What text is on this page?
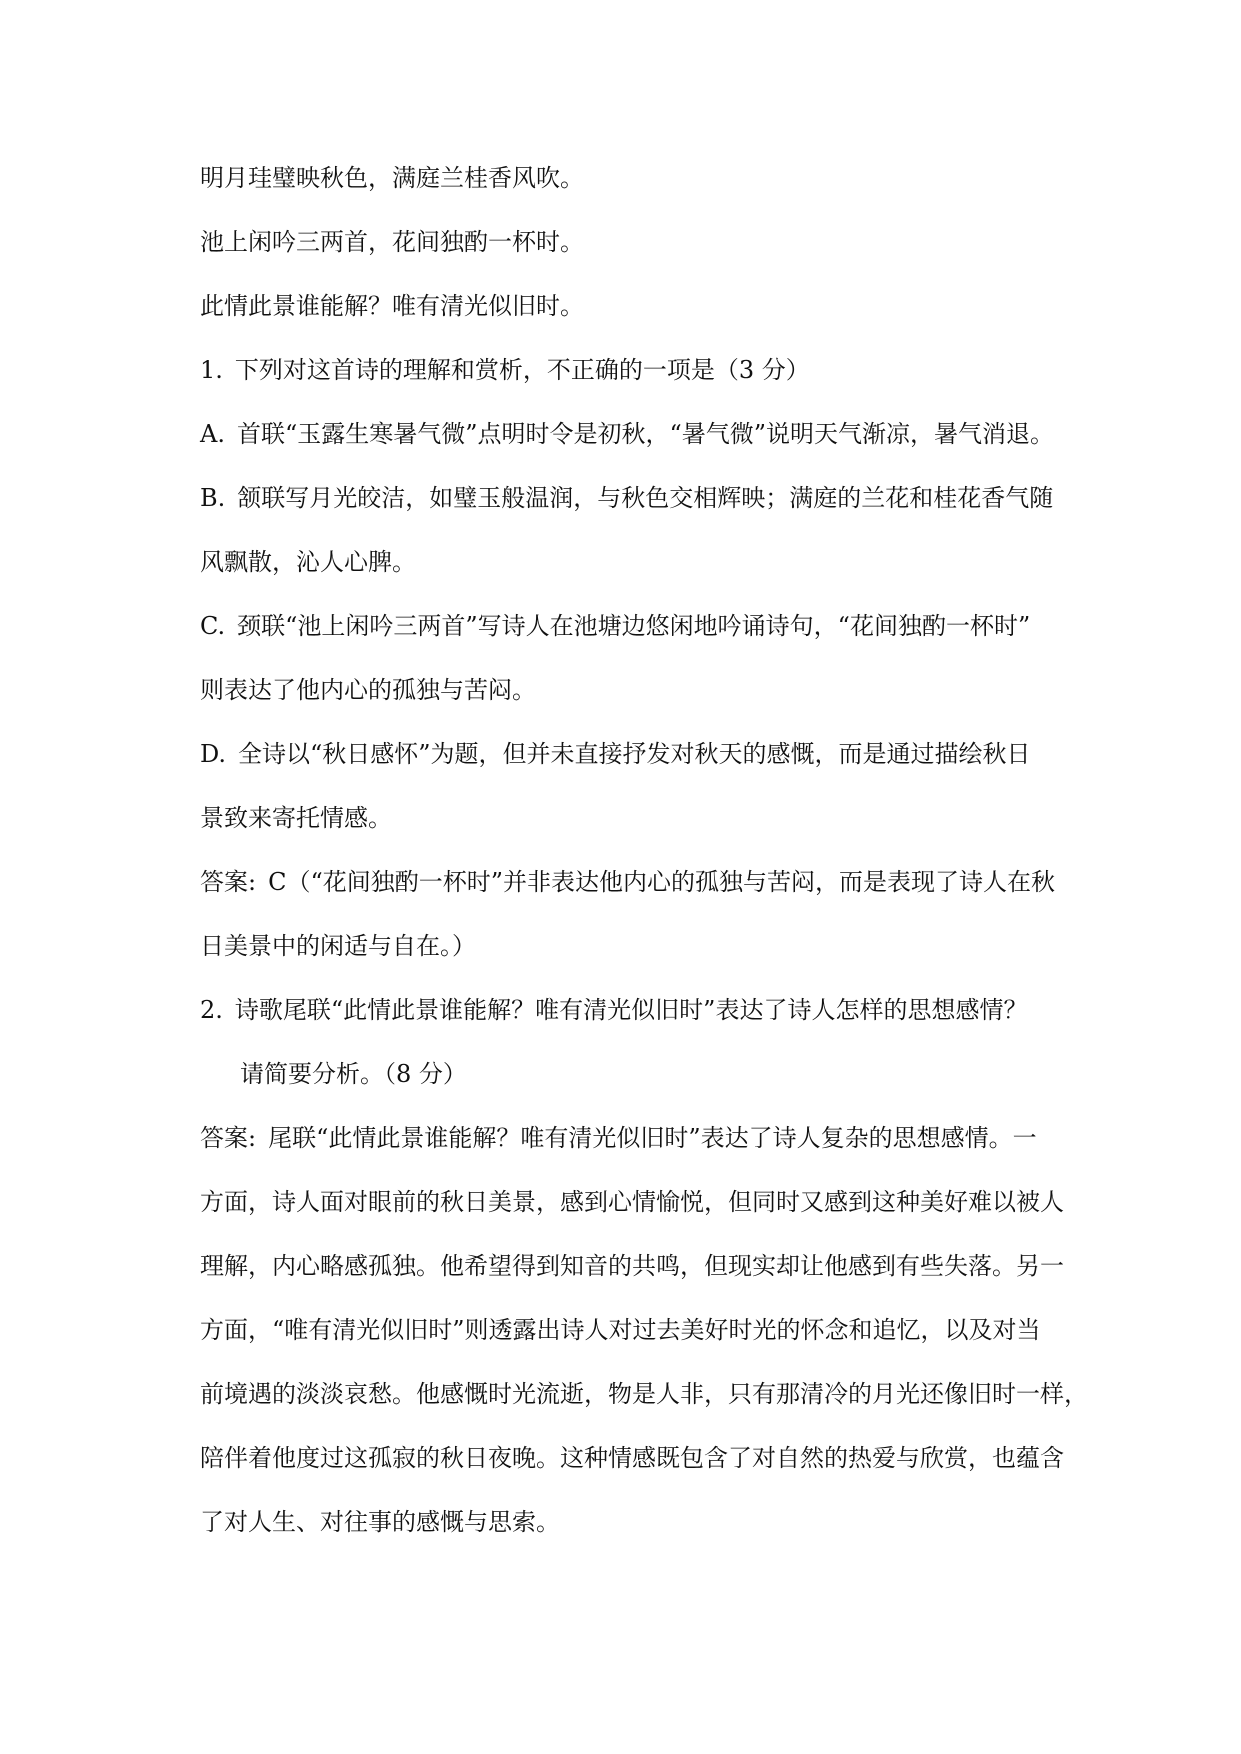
明月珪璧映秋色，满庭兰桂香风吹。

池上闲吟三两首，花间独酌一杯时。

此情此景谁能解？唯有清光似旧时。

1. 下列对这首诗的理解和赏析，不正确的一项是（3 分）

A. 首联“玉露生寒暑气微”点明时令是初秋，“暑气微”说明天气渐凉，暑气消退。

B. 颔联写月光皎洁，如璧玉般温润，与秋色交相辉映；满庭的兰花和桂花香气随

风飘散，沁人心脾。

C. 颈联“池上闲吟三两首”写诗人在池塘边悠闲地吟诵诗句，“花间独酌一杯时”

则表达了他内心的孤独与苦闷。

D. 全诗以“秋日感怀”为题，但并未直接抒发对秋天的感慨，而是通过描绘秋日

景致来寄托情感。

答案: C（“花间独酌一杯时”并非表达他内心的孤独与苦闷，而是表现了诗人在秋

日美景中的闲适与自在。）

2. 诗歌尾联“此情此景谁能解？唯有清光似旧时”表达了诗人怎样的思想感情？

请简要分析。（8 分）

答案: 尾联“此情此景谁能解？唯有清光似旧时”表达了诗人复杂的思想感情。一

方面，诗人面对眼前的秋日美景，感到心情愉悦，但同时又感到这种美好难以被人

理解，内心略感孤独。他希望得到知音的共鸣，但现实却让他感到有些失落。另一

方面，“唯有清光似旧时”则透露出诗人对过去美好时光的怀念和追忆，以及对当

前境遇的淡淡哀愁。他感慨时光流逝，物是人非，只有那清冷的月光还像旧时一样，

陪伴着他度过这孤寂的秋日夜晚。这种情感既包含了对自然的热爱与欣赏，也蕴含

了对人生、对往事的感慨与思索。
